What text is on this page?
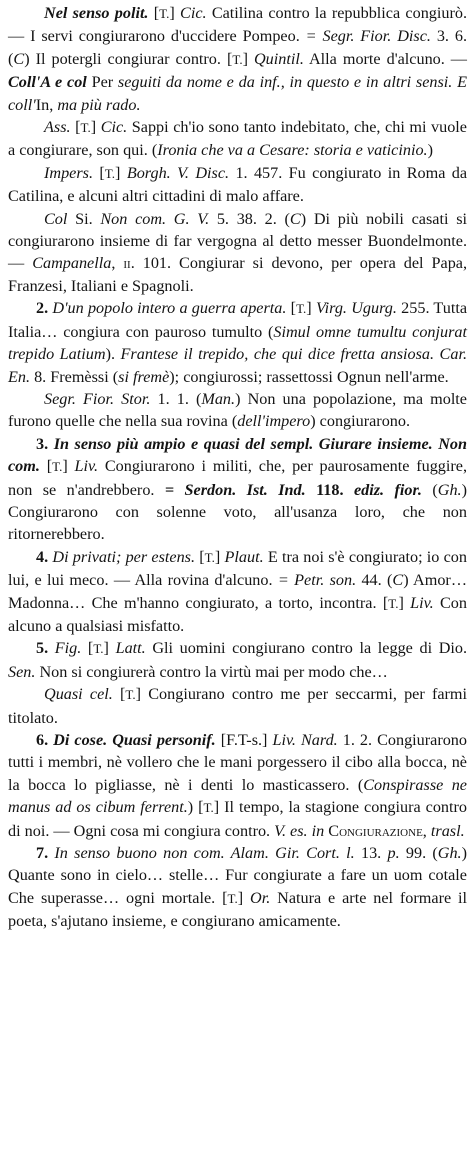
Nel senso polit. [T.] Cic. Catilina contro la repubblica congiurò. — I servi congiurarono d'uccidere Pompeo. = Segr. Fior. Disc. 3. 6. (C) Il potergli congiurar contro. [T.] Quintil. Alla morte d'alcuno. — Coll'A e col Per seguiti da nome e da inf., in questo e in altri sensi. E coll'In, ma più rado.

Ass. [T.] Cic. Sappi ch'io sono tanto indebitato, che, chi mi vuole a congiurare, son qui. (Ironia che va a Cesare: storia e vaticinio.)

Impers. [T.] Borgh. V. Disc. 1. 457. Fu congiurato in Roma da Catilina, e alcuni altri cittadini di malo affare.

Col Si. Non com. G. V. 5. 38. 2. (C) Di più nobili casati si congiurarono insieme di far vergogna al detto messer Buondelmonte. — Campanella, ii. 101. Congiurar si devono, per opera del Papa, Franzesi, Italiani e Spagnoli.

2. D'un popolo intero a guerra aperta. [T.] Virg. Ugurg. 255. Tutta Italia… congiura con pauroso tumulto (Simul omne tumultu conjurat trepido Latium). Frantese il trepido, che qui dice fretta ansiosa. Car. En. 8. Fremèssi (si fremè); congiurossi; rassettossi Ognun nell'arme.

Segr. Fior. Stor. 1. 1. (Man.) Non una popolazione, ma molte furono quelle che nella sua rovina (dell'impero) congiurarono.

3. In senso più ampio e quasi del sempl. Giurare insieme. Non com. [T.] Liv. Congiurarono i militi, che, per paurosamente fuggire, non se n'andrebbero. = Serdon. Ist. Ind. 118. ediz. fior. (Gh.) Congiurarono con solenne voto, all'usanza loro, che non ritornerebbero.

4. Di privati; per estens. [T.] Plaut. E tra noi s'è congiurato; io con lui, e lui meco. — Alla rovina d'alcuno. = Petr. son. 44. (C) Amor… Madonna… Che m'hanno congiurato, a torto, incontra. [T.] Liv. Con alcuno a qualsiasi misfatto.

5. Fig. [T.] Latt. Gli uomini congiurano contro la legge di Dio. Sen. Non si congiurerà contro la virtù mai per modo che…

Quasi cel. [T.] Congiurano contro me per seccarmi, per farmi titolato.

6. Di cose. Quasi personif. [F.T-s.] Liv. Nard. 1. 2. Congiurarono tutti i membri, nè vollero che le mani porgessero il cibo alla bocca, nè la bocca lo pigliasse, nè i denti lo masticassero. (Conspirasse ne manus ad os cibum ferrent.) [T.] Il tempo, la stagione congiura contro di noi. — Ogni cosa mi congiura contro. V. es. in Congiurazione, trasl.

7. In senso buono non com. Alam. Gir. Cort. l. 13. p. 99. (Gh.) Quante sono in cielo… stelle… Fur congiurate a fare un uom cotale Che superasse… ogni mortale. [T.] Or. Natura e arte nel formare il poeta, s'ajutano insieme, e congiurano amicamente.
